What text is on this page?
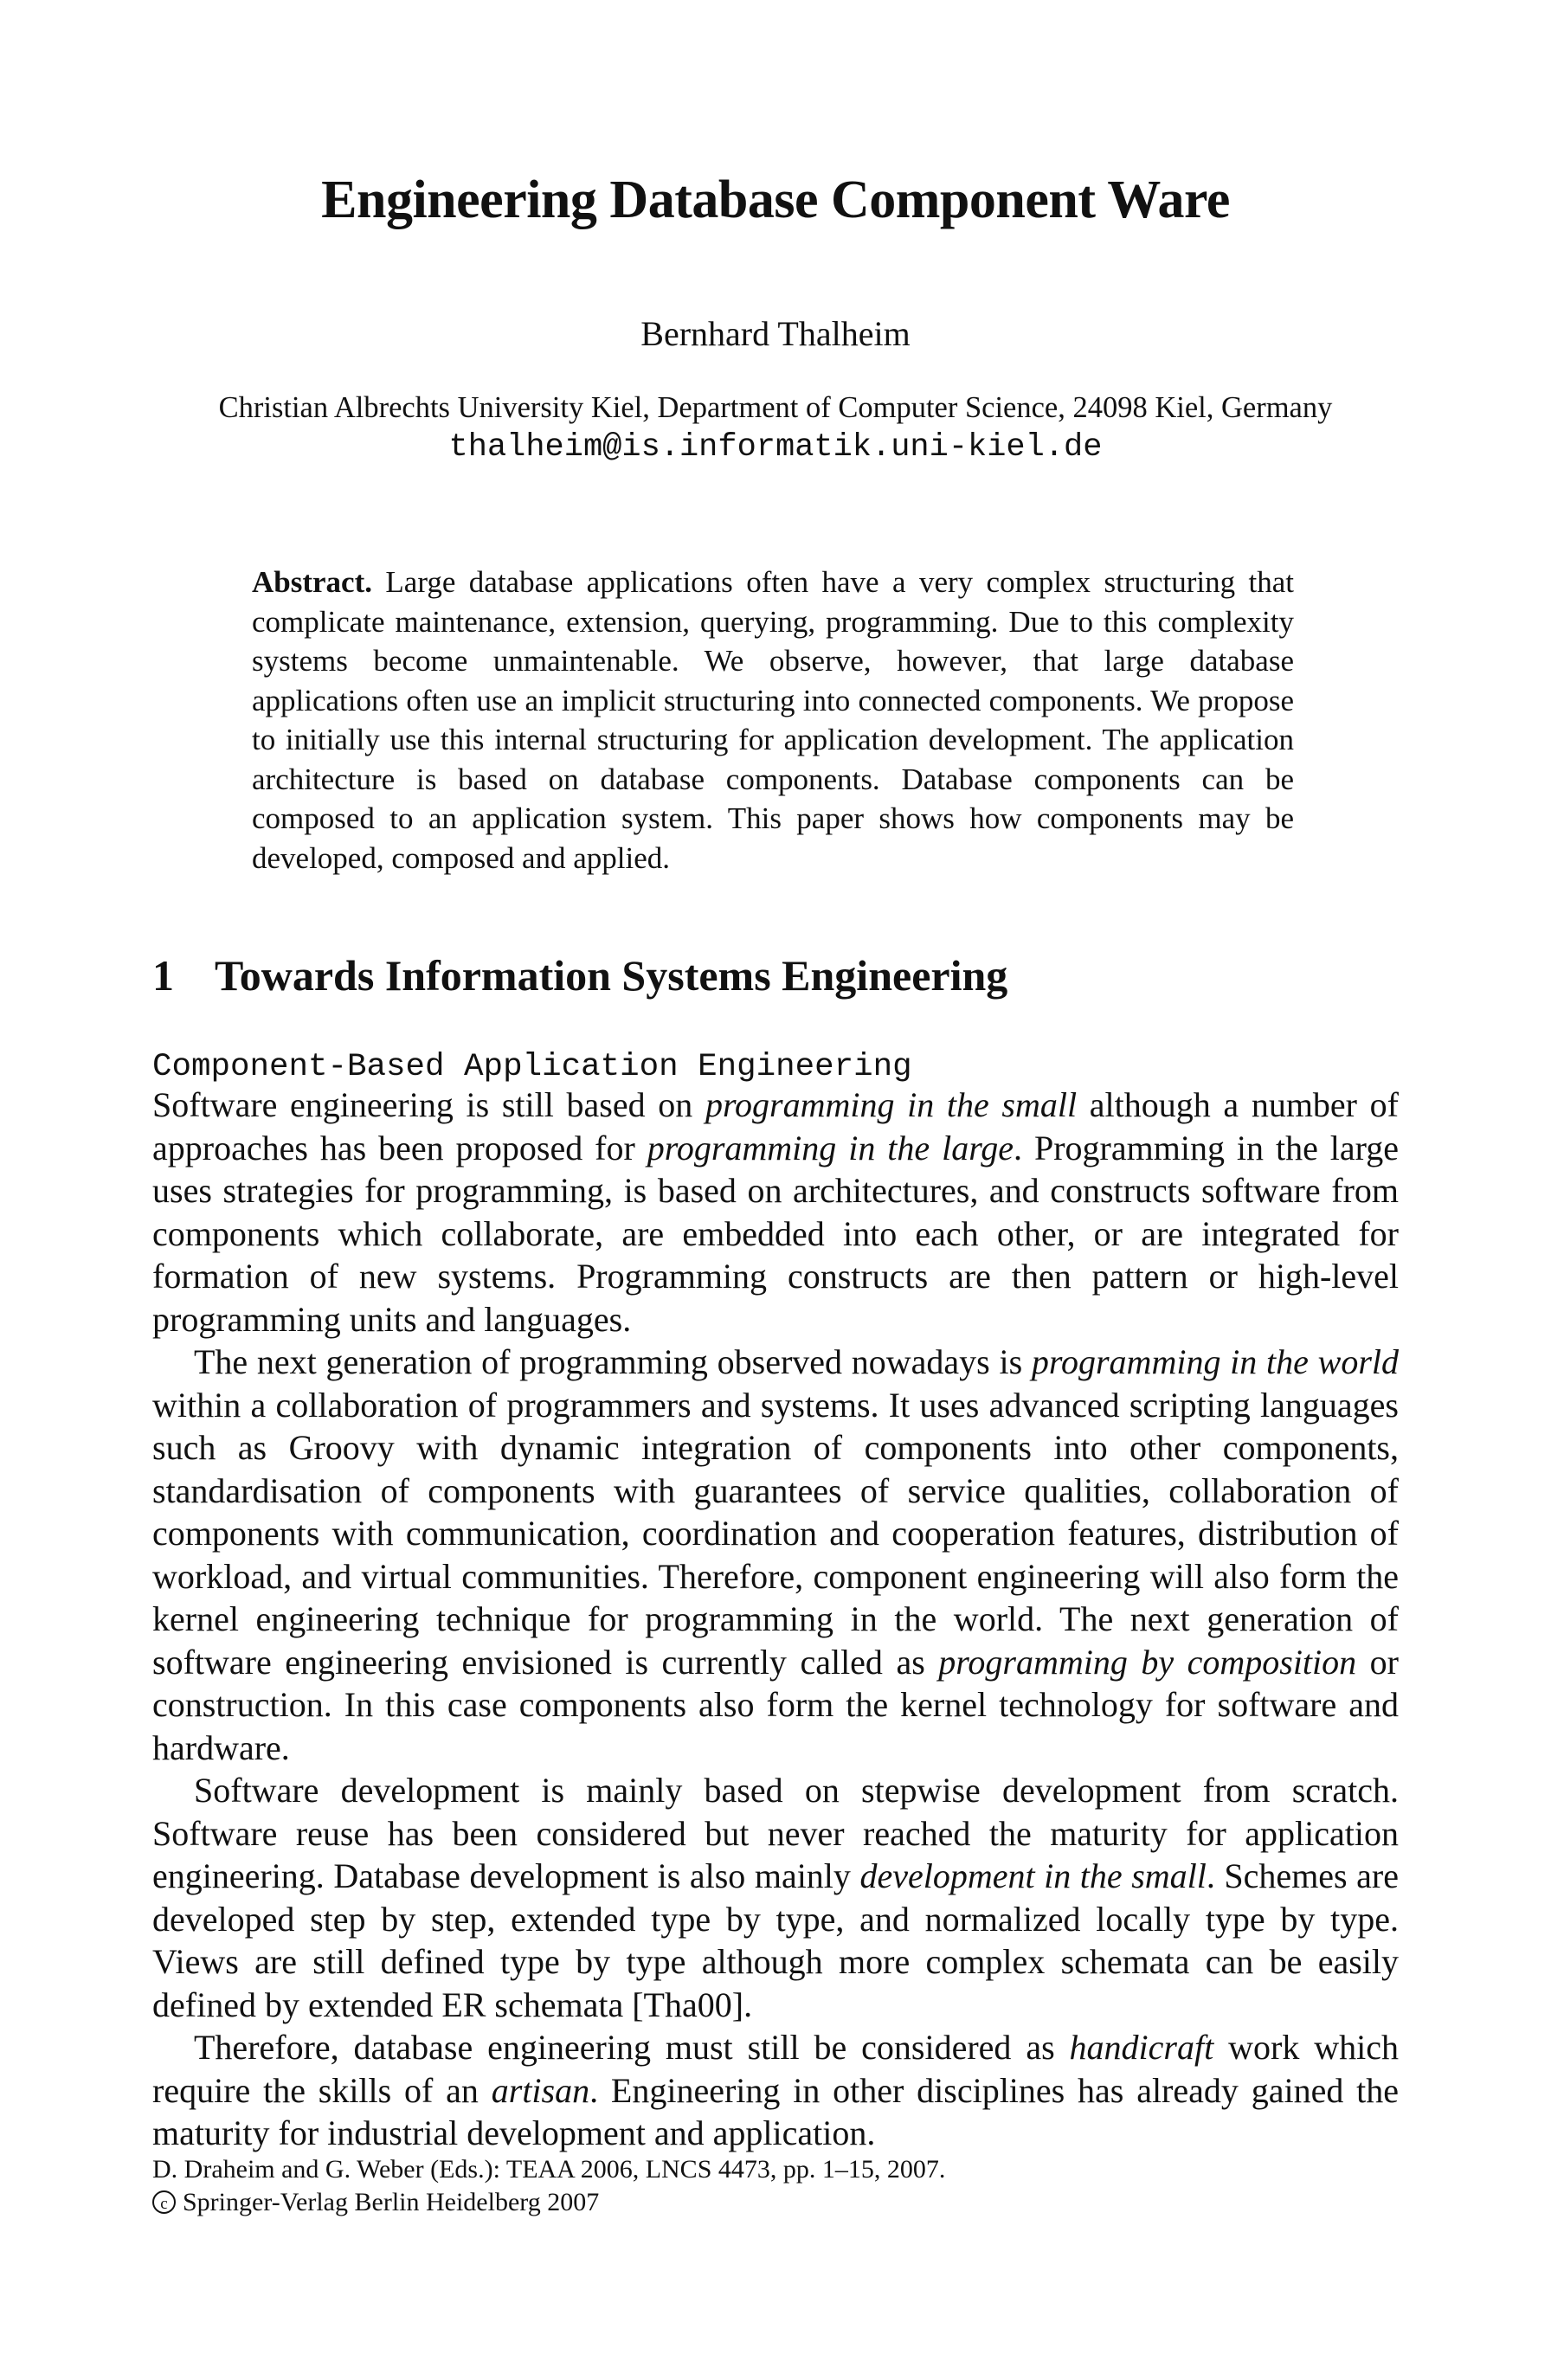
Engineering Database Component Ware
Bernhard Thalheim
Christian Albrechts University Kiel, Department of Computer Science, 24098 Kiel, Germany
thalheim@is.informatik.uni-kiel.de
Abstract. Large database applications often have a very complex structuring that complicate maintenance, extension, querying, programming. Due to this complexity systems become unmaintenable. We observe, however, that large database applications often use an implicit structuring into connected components. We propose to initially use this internal structuring for application development. The application architecture is based on database components. Database components can be composed to an application system. This paper shows how components may be developed, composed and applied.
1 Towards Information Systems Engineering
Component-Based Application Engineering

Software engineering is still based on programming in the small although a number of approaches has been proposed for programming in the large. Programming in the large uses strategies for programming, is based on architectures, and constructs software from components which collaborate, are embedded into each other, or are integrated for formation of new systems. Programming constructs are then pattern or high-level programming units and languages.

The next generation of programming observed nowadays is programming in the world within a collaboration of programmers and systems. It uses advanced scripting languages such as Groovy with dynamic integration of components into other components, standardisation of components with guarantees of service qualities, collaboration of components with communication, coordination and cooperation features, distribution of workload, and virtual communities. Therefore, component engineering will also form the kernel engineering technique for programming in the world. The next generation of software engineering envisioned is currently called as programming by composition or construction. In this case components also form the kernel technology for software and hardware.

Software development is mainly based on stepwise development from scratch. Software reuse has been considered but never reached the maturity for application engineering. Database development is also mainly development in the small. Schemes are developed step by step, extended type by type, and normalized locally type by type. Views are still defined type by type although more complex schemata can be easily defined by extended ER schemata [Tha00].

Therefore, database engineering must still be considered as handicraft work which require the skills of an artisan. Engineering in other disciplines has already gained the maturity for industrial development and application.

D. Draheim and G. Weber (Eds.): TEAA 2006, LNCS 4473, pp. 1–15, 2007.
c Springer-Verlag Berlin Heidelberg 2007
